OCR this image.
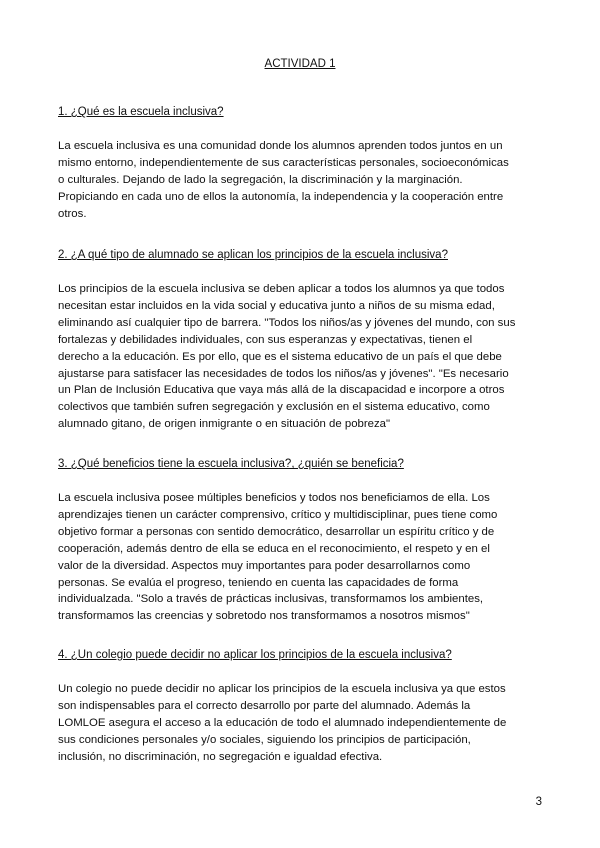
ACTIVIDAD 1
1. ¿Qué es la escuela inclusiva?

La escuela inclusiva es una comunidad donde los alumnos aprenden todos juntos en un
mismo entorno, independientemente de sus características personales, socioeconómicas
o culturales. Dejando de lado la segregación, la discriminación y la marginación.
Propiciando en cada uno de ellos la autonomía, la independencia y la cooperación entre
otros.

2. ¿A qué tipo de alumnado se aplican los principios de la escuela inclusiva?

Los principios de la escuela inclusiva se deben aplicar a todos los alumnos ya que todos
necesitan estar incluidos en la vida social y educativa junto a niños de su misma edad,
eliminando así cualquier tipo de barrera. "Todos los niños/as y jóvenes del mundo, con sus
fortalezas y debilidades individuales, con sus esperanzas y expectativas, tienen el
derecho a la educación. Es por ello, que es el sistema educativo de un país el que debe
ajustarse para satisfacer las necesidades de todos los niños/as y jóvenes". "Es necesario
un Plan de Inclusión Educativa que vaya más allá de la discapacidad e incorpore a otros
colectivos que también sufren segregación y exclusión en el sistema educativo, como
alumnado gitano, de origen inmigrante o en situación de pobreza"

3. ¿Qué beneficios tiene la escuela inclusiva?, ¿quién se beneficia?

La escuela inclusiva posee múltiples beneficios y todos nos beneficiamos de ella. Los
aprendizajes tienen un carácter comprensivo, crítico y multidisciplinar, pues tiene como
objetivo formar a personas con sentido democrático, desarrollar un espíritu crítico y de
cooperación, además dentro de ella se educa en el reconocimiento, el respeto y en el
valor de la diversidad. Aspectos muy importantes para poder desarrollarnos como
personas. Se evalúa el progreso, teniendo en cuenta las capacidades de forma
individualzada. "Solo a través de prácticas inclusivas, transformamos los ambientes,
transformamos las creencias y sobretodo nos transformamos a nosotros mismos"

4. ¿Un colegio puede decidir no aplicar los principios de la escuela inclusiva?

Un colegio no puede decidir no aplicar los principios de la escuela inclusiva ya que estos
son indispensables para el correcto desarrollo por parte del alumnado. Además la
LOMLOE asegura el acceso a la educación de todo el alumnado independientemente de
sus condiciones personales y/o sociales, siguiendo los principios de participación,
inclusión, no discriminación, no segregación e igualdad efectiva.

3
